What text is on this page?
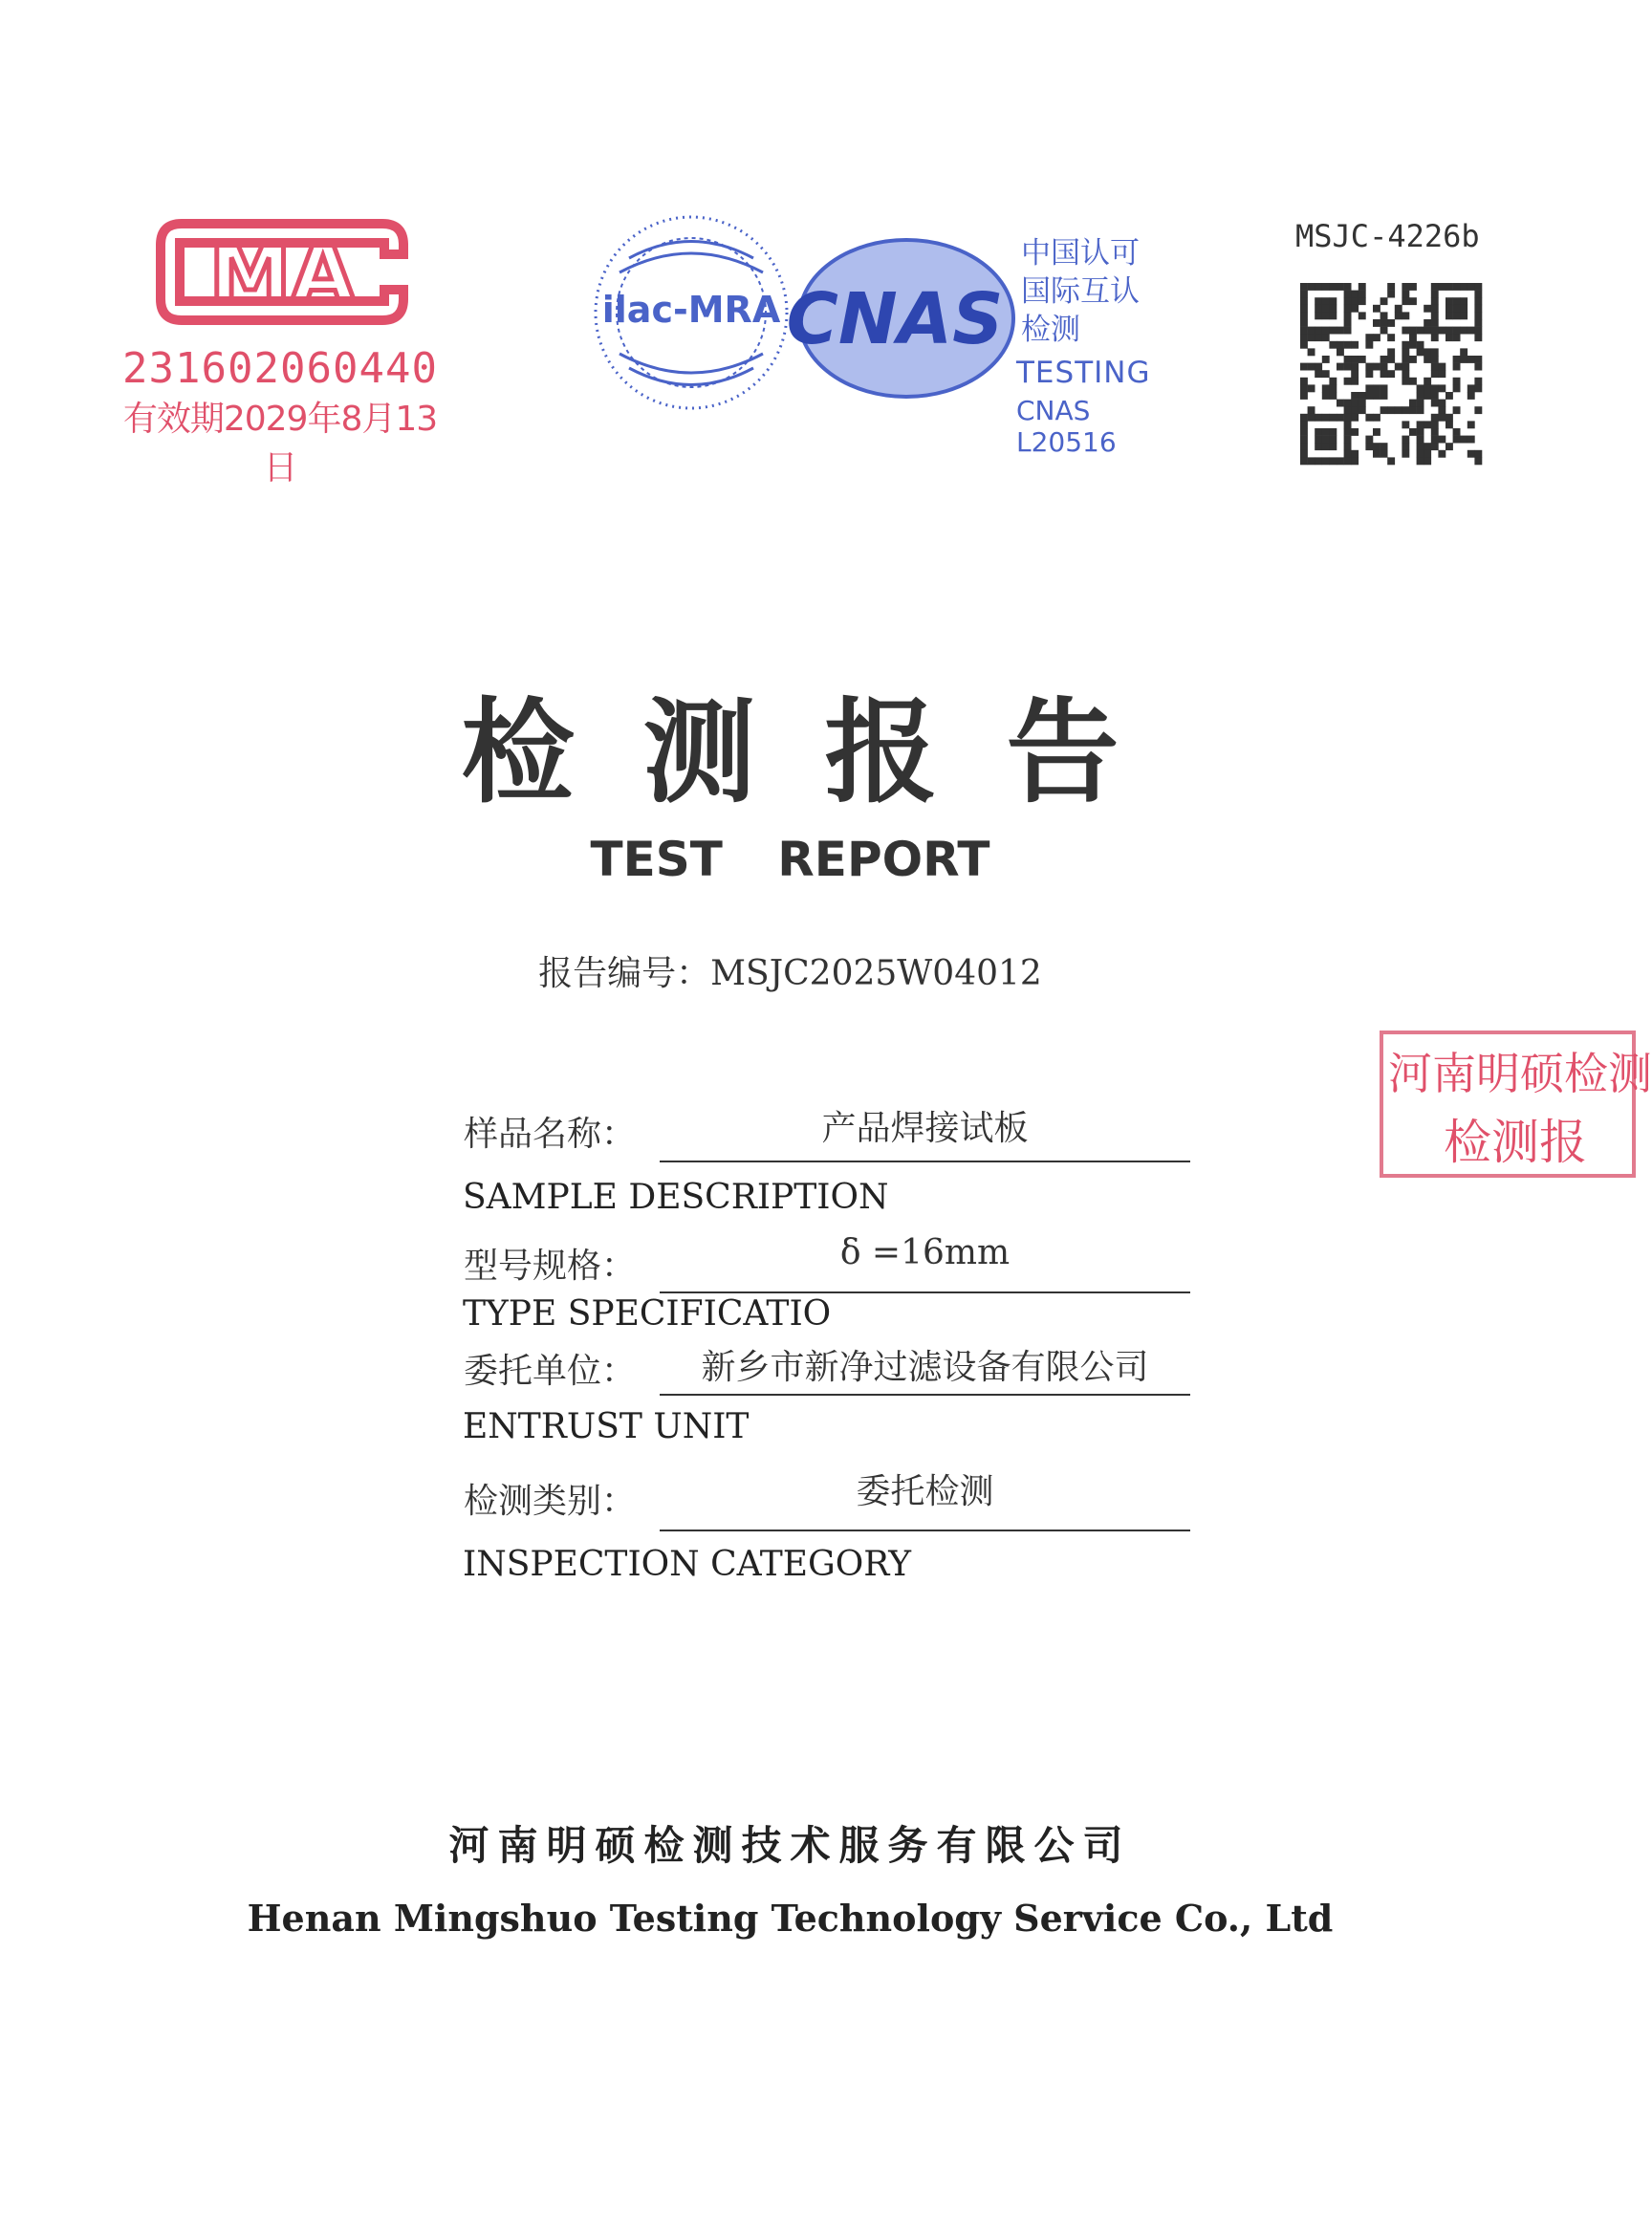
MA
231602060440
有效期2029年8月13日
ilac-MRA CNAS
中国认可
国际互认
检测
TESTING
CNAS L20516
MSJC-4226b
检测报告
TEST REPORT
报告编号：MSJC2025W04012
样品名称：	产品焊接试板
SAMPLE DESCRIPTION
型号规格：	δ =16mm
TYPE SPECIFICATIO
委托单位：	新乡市新净过滤设备有限公司
ENTRUST UNIT
检测类别：	委托检测
INSPECTION CATEGORY
河南明硕检测技术服务有限公司
Henan Mingshuo Testing Technology Service Co., Ltd
河南明硕检测
检测报
